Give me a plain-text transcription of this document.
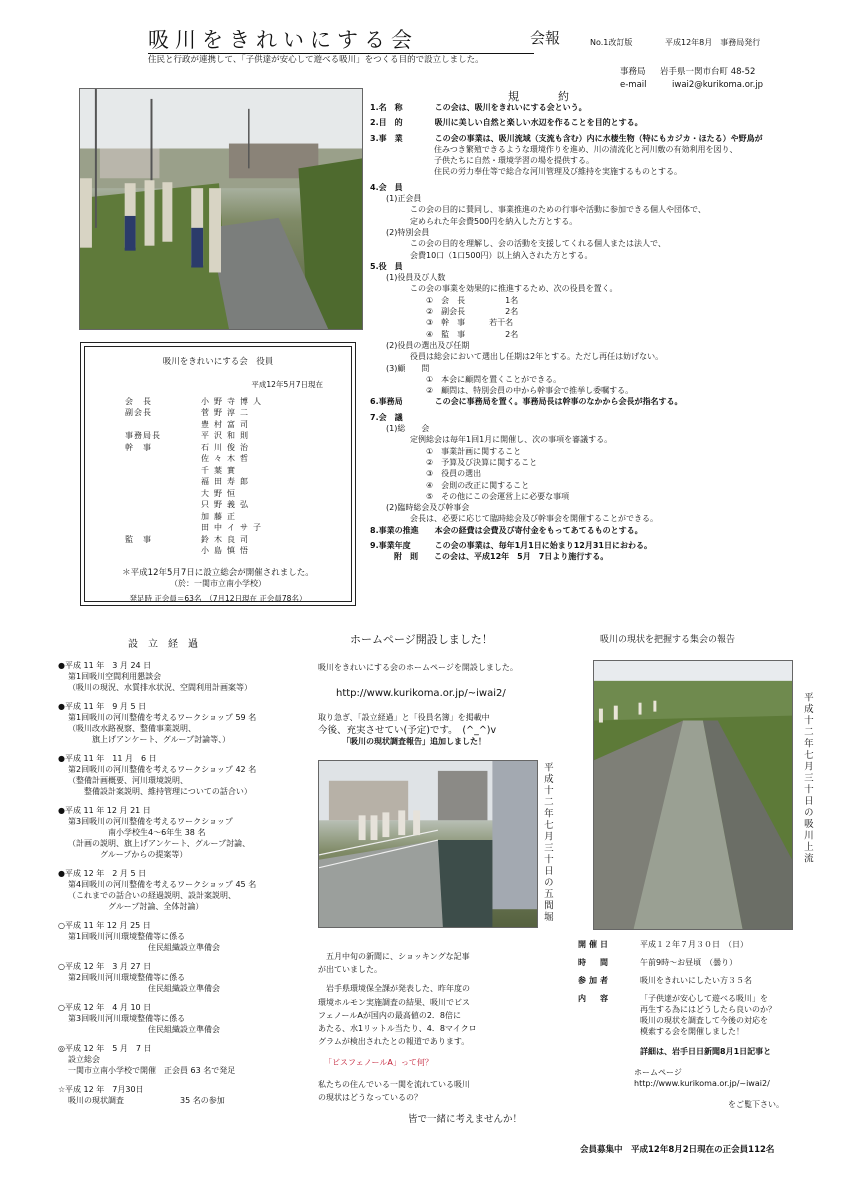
吸川をきれいにする会	会報	No.1改訂版	平成12年8月　事務局発行
住民と行政が連携して、「子供達が安心して遊べる吸川」をつくる目的で設立しました。
事務局 岩手県一関市台町 48-52
e-mail	iwai2@kurikoma.or.jp
吸川をきれいにする会　役員
平成12年5月7日現在
会　長	小野寺博人
副会長	菅野淳二
豊村富司
事務局長	平沢和則
幹　事	石川俊治
佐々木哲
千葉實
福田寿郎
大野恒
只野義弘
加藤正
田中イサ子
監　事	鈴木良司
小島慎悟
＊平成12年5月7日に設立総会が開催されました。
（於：一関市立南小学校）
発足時 正会員＝63名　（7月12日現在 正会員78名）
規　約
1.名　称　　　　この会は、吸川をきれいにする会という。
2.目　的　　　　吸川に美しい自然と楽しい水辺を作ることを目的とする。
3.事　業　　　　この会の事業は、吸川流域（支流も含む）内に水棲生物（特にもカジカ・ほたる）や野鳥が
　　　　　　　　住みつき繁殖できるような環境作りを進め、川の清流化と河川敷の有効利用を図り、
　　　　　　　　子供たちに自然・環境学習の場を提供する。
　　　　　　　　住民の労力奉仕等で総合な河川管理及び維持を実施するものとする。
4.会　員
　　(1)正会員
　　　　　この会の目的に賛同し、事業推進のための行事や活動に参加できる個人や団体で、
　　　　　定められた年会費500円を納入した方とする。
　　(2)特別会員
　　　　　この会の目的を理解し、会の活動を支援してくれる個人または法人で、
　　　　　会費10口（1口500円）以上納入された方とする。
5.役　員
　　(1)役員及び人数
　　　　　この会の事業を効果的に推進するため、次の役員を置く。
　　　　　　　①　会　長　　　　　1名
　　　　　　　②　副会長　　　　　2名
　　　　　　　③　幹　事　　　若干名
　　　　　　　④　監　事　　　　　2名
　　(2)役員の選出及び任期
　　　　　役員は総会において選出し任期は2年とする。ただし再任は妨げない。
　　(3)顧　　問
　　　　　　　①　本会に顧問を置くことができる。
　　　　　　　②　顧問は、特別会員の中から幹事会で推挙し委嘱する。
6.事務局　　　　この会に事務局を置く。事務局長は幹事のなかから会長が指名する。
7.会　議
　　(1)総　　会
　　　　　定例総会は毎年1回1月に開催し、次の事項を審議する。
　　　　　　　①　事業計画に関すること
　　　　　　　②　予算及び決算に関すること
　　　　　　　③　役員の選出
　　　　　　　④　会則の改正に関すること
　　　　　　　⑤　その他にこの会運営上に必要な事項
　　(2)臨時総会及び幹事会
　　　　　会長は、必要に応じて臨時総会及び幹事会を開催することができる。
8.事業の推進　　本会の経費は会費及び寄付金をもってあてるものとする。
9.事業年度　　　この会の事業は、毎年1月1日に始まり12月31日におわる。
　　　附　則　　この会は、平成12年　5月　7日より施行する。
設立経過
●平成 11 年　3 月 24 日
第1回吸川空間利用懇談会
（吸川の現況、水質排水状況、空間利用計画案等）
●平成 11 年　9 月 5 日
第1回吸川の河川整備を考えるワークショップ 59 名
（吸川改水路視察、整備事業説明、
　　　旗上げアンケート、グループ討論等、）
●平成 11 年　11 月　6 日
第2回吸川の河川整備を考えるワークショップ 42 名
（整備計画概要、河川環境説明、
　　整備設計案説明、維持管理についての話合い）
●平成 11 年 12 月 21 日
第3回吸川の河川整備を考えるワークショップ
　　　　　南小学校生4～6年生 38 名
（計画の説明、旗上げアンケート、グループ討論、
　　　　グループからの提案等）
●平成 12 年　2 月 5 日
第4回吸川の河川整備を考えるワークショップ 45 名
（これまでの話合いの経過説明、設計案説明、
　　　　　グループ討論、全体討論）
○平成 11 年 12 月 25 日
第1回吸川河川環境整備等に係る
　　　　　　　　　　住民組織設立準備会
○平成 12 年　3 月 27 日
第2回吸川河川環境整備等に係る
　　　　　　　　　　住民組織設立準備会
○平成 12 年　4 月 10 日
第3回吸川河川環境整備等に係る
　　　　　　　　　　住民組織設立準備会
◎平成 12 年　5 月　7 日
設立総会
一関市立南小学校で開催　正会員 63 名で発足
☆平成 12 年　7月30日
吸川の現状調査　　　　　　　35 名の参加
ホームページ開設しました！
吸川をきれいにする会のホームページを開設しました。
http://www.kurikoma.or.jp/~iwai2/
取り急ぎ、「設立経過」と「役員名簿」を掲載中
今後、充実させてい(予定)です。　(^_^)v
「吸川の現状調査報告」追加しました！
平成十二年七月三十日の五間堀
　五月中旬の新聞に、ショッキングな記事
が出ていました。
　岩手県環境保全課が発表した、昨年度の
環境ホルモン実施調査の結果、吸川でビス
フェノールAが国内の最高値の2．8倍に
あたる、水1リットル当たり、4．8マイクロ
グラムが検出されたとの報道であります。
「ビスフェノールA」って何？
私たちの住んでいる一関を流れている吸川
の現状はどうなっているの？
皆で一緒に考えませんか！
吸川の現状を把握する集会の報告
平成十二年七月三十日の吸川上流
開催日	平成１２年７月３０日　（日）
時　間	午前9時～お昼頃　（曇り）
参加者	吸川をきれいにしたい方３５名
内　容	「子供達が安心して遊べる吸川」を
再生する為にはどうしたら良いのか？
吸川の現状を調査して今後の対応を
模索する会を開催しました！
詳細は、岩手日日新聞8月1日記事と
ホームページ
http://www.kurikoma.or.jp/~iwai2/
をご覧下さい。
会員募集中　平成12年8月2日現在の正会員112名
